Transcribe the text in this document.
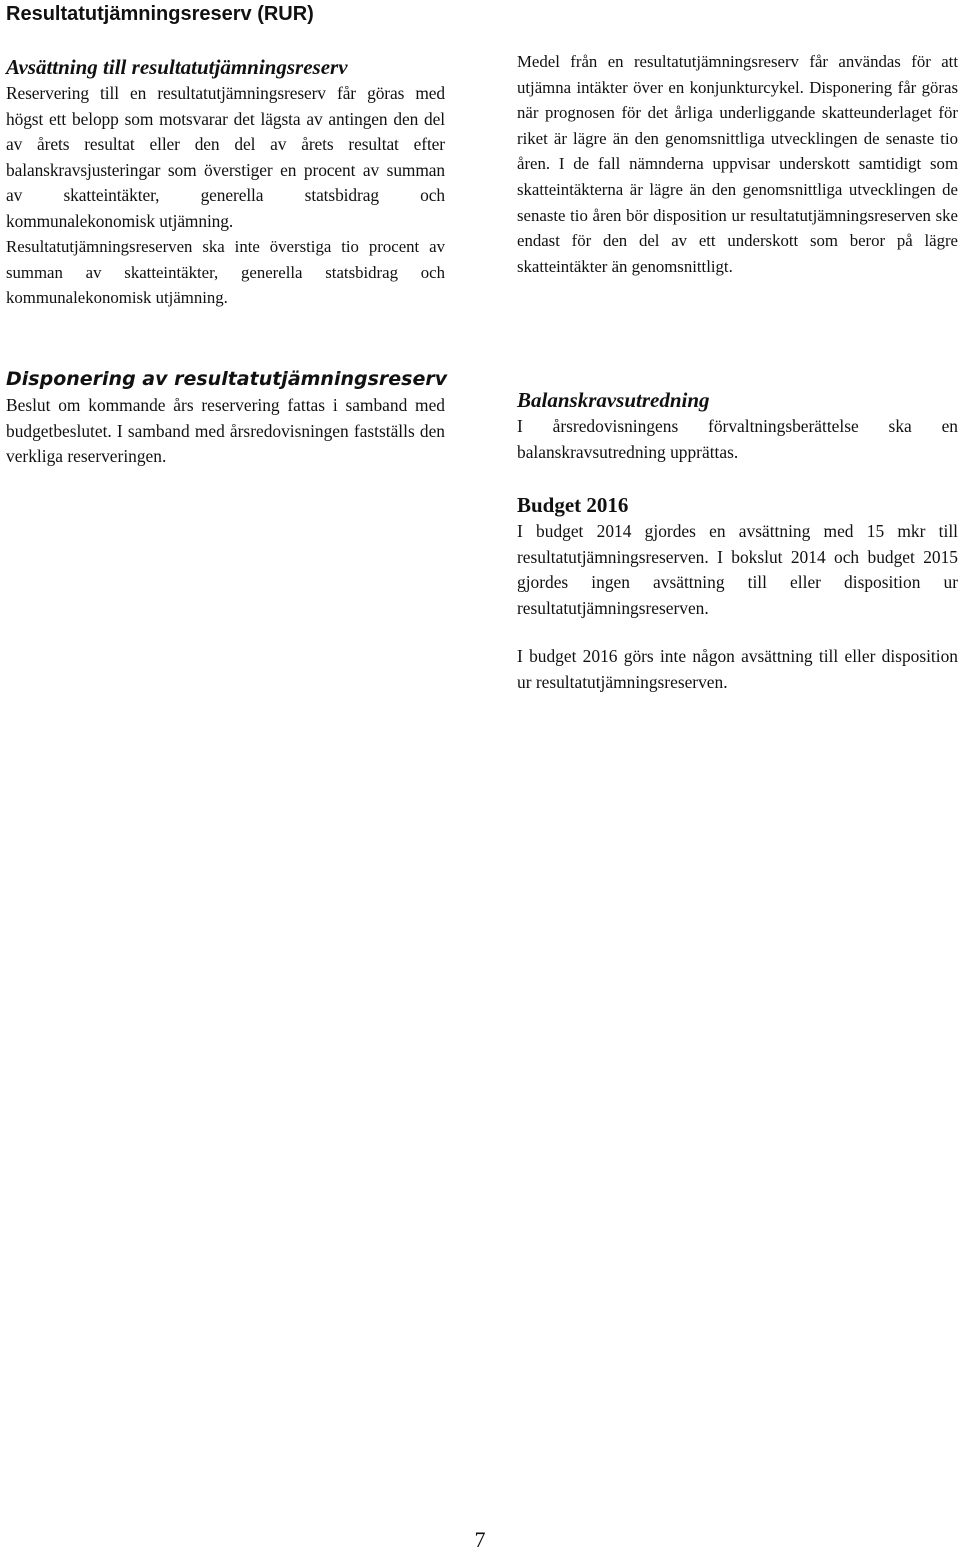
Resultatutjämningsreserv (RUR)
Avsättning till resultatutjämningsreserv

Reservering till en resultatutjämningsreserv får göras med högst ett belopp som motsvarar det lägsta av antingen den del av årets resultat eller den del av årets resultat efter balanskravsjusteringar som överstiger en procent av summan av skatteintäkter, generella statsbidrag och kommunalekonomisk utjämning.

Resultatutjämningsreserven ska inte överstiga tio procent av summan av skatteintäkter, generella statsbidrag och kommunalekonomisk utjämning.

Disponering av resultatutjämningsreserv

Beslut om kommande års reservering fattas i samband med budgetbeslutet. I samband med årsredovisningen fastställs den verkliga reserveringen.

Medel från en resultatutjämningsreserv får användas för att utjämna intäkter över en konjunkturcykel. Disponering får göras när prognosen för det årliga underliggande skatteunderlaget för riket är lägre än den genomsnittliga utvecklingen de senaste tio åren. I de fall nämnderna uppvisar underskott samtidigt som skatteintäkterna är lägre än den genomsnittliga utvecklingen de senaste tio åren bör disposition ur resultatutjämningsreserven ske endast för den del av ett underskott som beror på lägre skatteintäkter än genomsnittligt.

Balanskravsutredning

I årsredovisningens förvaltningsberättelse ska en balanskravsutredning upprättas.

Budget 2016

I budget 2014 gjordes en avsättning med 15 mkr till resultatutjämningsreserven. I bokslut 2014 och budget 2015 gjordes ingen avsättning till eller disposition ur resultatutjämningsreserven.

I budget 2016 görs inte någon avsättning till eller disposition ur resultatutjämningsreserven.

7
